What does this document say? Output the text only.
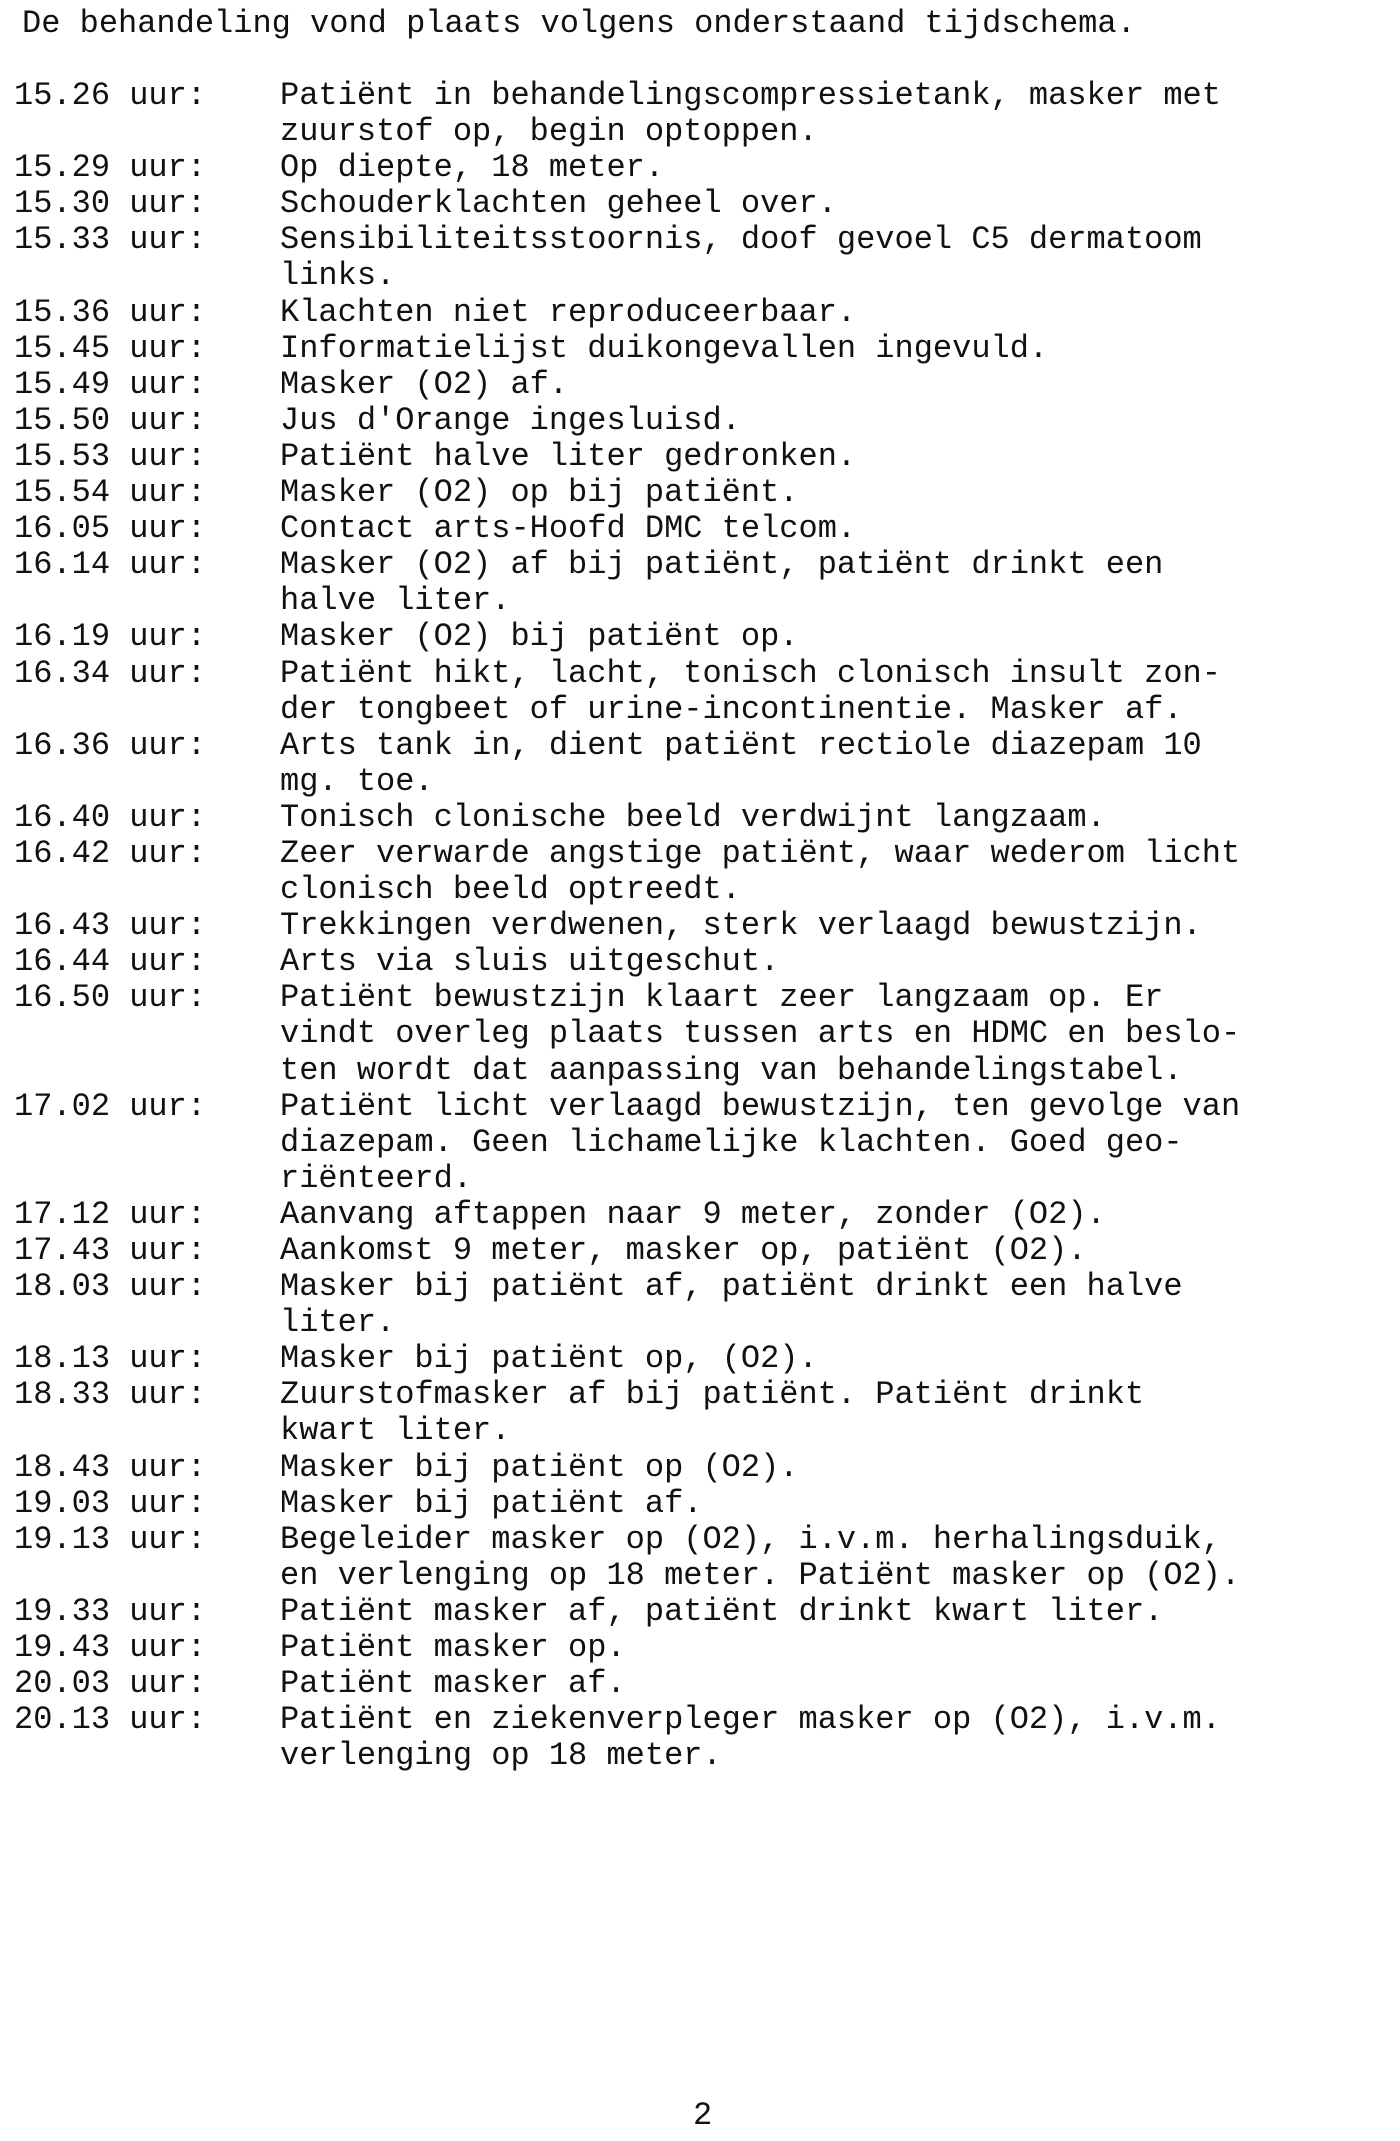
De behandeling vond plaats volgens onderstaand tijdschema.
15.26 uur:	Patiënt in behandelingscompressietank, masker met
zuurstof op, begin optoppen.
15.29 uur:	Op diepte, 18 meter.
15.30 uur:	Schouderklachten geheel over.
15.33 uur:	Sensibiliteitsstoornis, doof gevoel C5 dermatoom
links.
15.36 uur:	Klachten niet reproduceerbaar.
15.45 uur:	Informatielijst duikongevallen ingevuld.
15.49 uur:	Masker (O2) af.
15.50 uur:	Jus d'Orange ingesluisd.
15.53 uur:	Patiënt halve liter gedronken.
15.54 uur:	Masker (O2) op bij patiënt.
16.05 uur:	Contact arts-Hoofd DMC telcom.
16.14 uur:	Masker (O2) af bij patiënt, patiënt drinkt een
halve liter.
16.19 uur:	Masker (O2) bij patiënt op.
16.34 uur:	Patiënt hikt, lacht, tonisch clonisch insult zon-
der tongbeet of urine-incontinentie. Masker af.
16.36 uur:	Arts tank in, dient patiënt rectiole diazepam 10
mg. toe.
16.40 uur:	Tonisch clonische beeld verdwijnt langzaam.
16.42 uur:	Zeer verwarde angstige patiënt, waar wederom licht
clonisch beeld optreedt.
16.43 uur:	Trekkingen verdwenen, sterk verlaagd bewustzijn.
16.44 uur:	Arts via sluis uitgeschut.
16.50 uur:	Patiënt bewustzijn klaart zeer langzaam op. Er
vindt overleg plaats tussen arts en HDMC en beslo-
ten wordt dat aanpassing van behandelingstabel.
17.02 uur:	Patiënt licht verlaagd bewustzijn, ten gevolge van
diazepam. Geen lichamelijke klachten. Goed geo-
riënteerd.
17.12 uur:	Aanvang aftappen naar 9 meter, zonder (O2).
17.43 uur:	Aankomst 9 meter, masker op, patiënt (O2).
18.03 uur:	Masker bij patiënt af, patiënt drinkt een halve
liter.
18.13 uur:	Masker bij patiënt op, (O2).
18.33 uur:	Zuurstofmasker af bij patiënt. Patiënt drinkt
kwart liter.
18.43 uur:	Masker bij patiënt op (O2).
19.03 uur:	Masker bij patiënt af.
19.13 uur:	Begeleider masker op (O2), i.v.m. herhalingsduik,
en verlenging op 18 meter. Patiënt masker op (O2).
19.33 uur:	Patiënt masker af, patiënt drinkt kwart liter.
19.43 uur:	Patiënt masker op.
20.03 uur:	Patiënt masker af.
20.13 uur:	Patiënt en ziekenverpleger masker op (O2), i.v.m.
verlenging op 18 meter.
2
